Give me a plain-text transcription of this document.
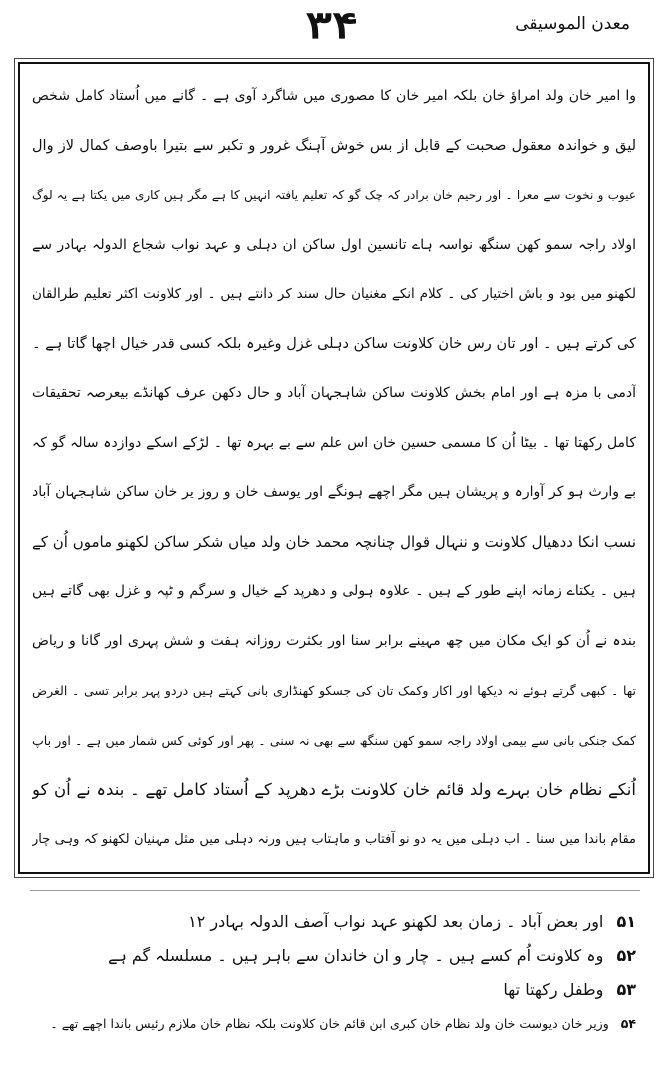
۳۴	معدن الموسیقی
وا امیر خان ولد امراؤ خان بلکہ امیر خان کا مصوری میں شاگرد آوی ہے ۔ گانے میں اُستاد کامل شخص
لیق و خواندہ معقول صحبت کے قابل از بس خوش آہنگ غرور و تکبر سے بتیرا باوصف کمال لاز وال
عیوب و نخوت سے معرا ۔ اور رحیم خان برادر کہ چک گو کہ تعلیم یافتہ انہیں کا ہے مگر ہیں کاری میں یکتا ہے یہ لوگ
اولاد راجہ سمو کھن سنگھ نواسہ ہاے تانسین اول ساکن ان دہلی و عہد نواب شجاع الدولہ بہادر سے
لکھنو میں بود و باش اختیار کی ۔ کلام انکے مغنیان حال سند کر دانتے ہیں ۔ اور کلاونت اکثر تعلیم طرالقان
کی کرتے ہیں ۔ اور تان رس خان کلاونت ساکن دہلی غزل وغیرہ بلکہ کسی قدر خیال اچھا گاتا ہے ۔
آدمی با مزہ ہے اور امام بخش کلاونت ساکن شاہجہان آباد و حال دکھن عرف کھانڈے بیعرصہ تحقیقات
کامل رکھتا تھا ۔ بیٹا اُن کا مسمی حسین خان اس علم سے بے بہرہ تھا ۔ لڑکے اسکے دوازدہ سالہ گو کہ
بے وارث ہو کر آوارہ و پریشان ہیں مگر اچھے ہونگے اور یوسف خان و روز یر خان ساکن شاہجہان آباد
نسب انکا ددھیال کلاونت و ننہال قوال چنانچہ محمد خان ولد میاں شکر ساکن لکھنو ماموں اُن کے
ہیں ۔ یکتاے زمانہ اپنے طور کے ہیں ۔ علاوہ ہولی و دھرپد کے خیال و سرگم و ٹپہ و غزل بھی گاتے ہیں
بندہ نے اُن کو ایک مکان میں چھ مہینے برابر سنا اور بکثرت روزانہ ہفت و شش پہری اور گانا و ریاض
تھا ۔ کبھی گرتے ہوئے نہ دیکھا اور اکار وکمک تان کی جسکو کھنڈاری بانی کہتے ہیں دردو پہر برابر تسی ۔ الغرض
کمک جنکی بانی سے بیمی اولاد راجہ سمو کھن سنگھ سے بھی نہ سنی ۔ پھر اور کوئی کس شمار میں ہے ۔ اور باپ
اُنکے نظام خان بہرے ولد قائم خان کلاونت بڑے دھرپد کے اُستاد کامل تھے ۔ بندہ نے اُن کو
مقام باندا میں سنا ۔ اب دہلی میں یہ دو نو آفتاب و ماہتاب ہیں ورنہ دہلی میں مثل مہنیان لکھنو کہ وہی چار
۵۱ اور بعض آباد ۔ زمان بعد لکھنو عہد نواب آصف الدولہ بہادر ۱۲
۵۲ وہ کلاونت اُم کسے ہیں ۔ چار و ان خاندان سے باہر ہیں ۔ مسلسلہ گم ہے
۵۳ وطفل رکھتا تھا
۵۴ وزیر خان دیوست خان ولد نظام خان کبری ابن قائم خان کلاونت بلکہ نظام خان ملازم رئیس باندا اچھے تھے ۔
